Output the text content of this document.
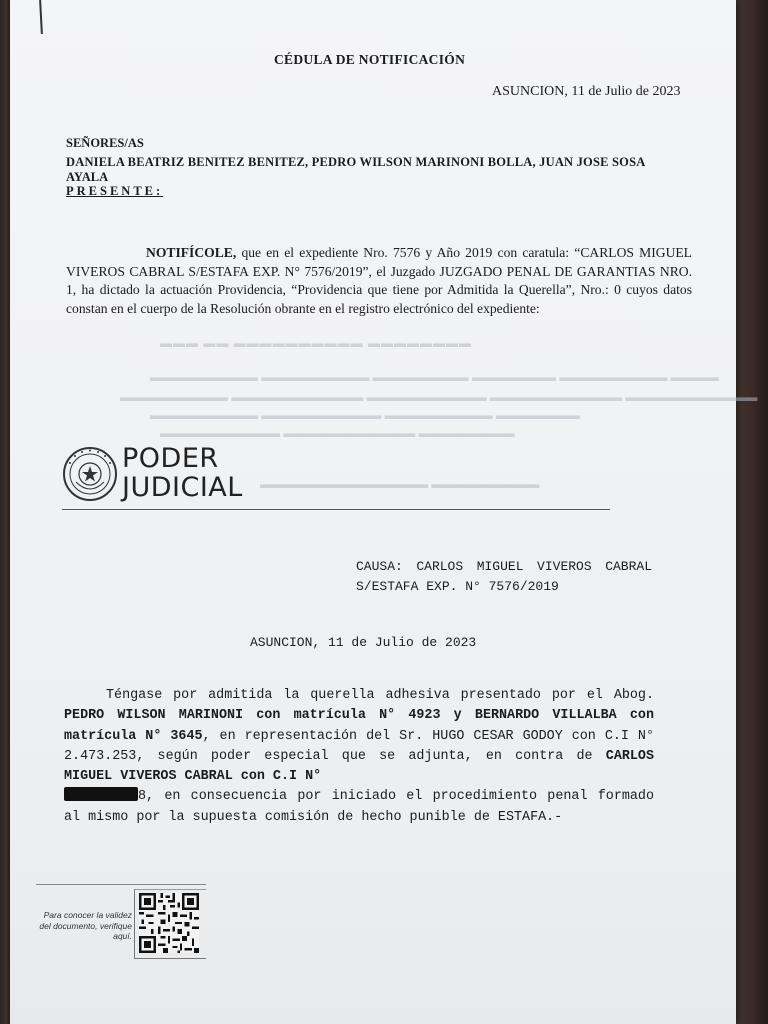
CÉDULA DE NOTIFICACIÓN
ASUNCION, 11 de Julio de 2023
SEÑORES/AS
DANIELA BEATRIZ BENITEZ BENITEZ, PEDRO WILSON MARINONI BOLLA, JUAN JOSE SOSA
AYALA
PRESENTE:
NOTIFÍCOLE, que en el expediente Nro. 7576 y Año 2019 con caratula: “CARLOS MIGUEL VIVEROS CABRAL S/ESTAFA EXP. N° 7576/2019”, el Juzgado JUZGADO PENAL DE GARANTIAS NRO. 1, ha dictado la actuación Providencia, “Providencia que tiene por Admitida la Querella”, Nro.: 0 cuyos datos constan en el cuerpo de la Resolución obrante en el registro electrónico del expediente:
▬▬▬ ▬▬ ▬▬▬▬▬▬▬▬▬▬ ▬▬▬▬▬▬▬▬
▬▬▬▬▬▬▬▬▬ ▬▬▬▬▬▬▬▬▬ ▬▬▬▬▬▬▬▬ ▬▬▬▬▬▬▬ ▬▬▬▬▬▬▬▬▬ ▬▬▬▬
▬▬▬▬▬▬▬▬▬ ▬▬▬▬▬▬▬▬▬▬▬ ▬▬▬▬▬▬▬▬▬▬ ▬▬▬▬▬▬▬▬▬▬▬ ▬▬▬▬▬▬▬▬▬▬▬
▬▬▬▬▬▬▬▬▬ ▬▬▬▬▬▬▬▬▬▬ ▬▬▬▬▬▬▬▬▬ ▬▬▬▬▬▬▬
▬▬▬▬▬▬▬▬▬▬ ▬▬▬▬▬▬▬▬▬▬▬ ▬▬▬▬▬▬▬▬
▬▬▬▬▬▬▬▬▬▬▬▬▬▬ ▬▬▬▬▬▬▬▬▬
PODER
JUDICIAL
CAUSA: CARLOS MIGUEL VIVEROS CABRAL S/ESTAFA EXP. N° 7576/2019
ASUNCION, 11 de Julio de 2023
Téngase por admitida la querella adhesiva presentado por el Abog. PEDRO WILSON MARINONI con matrícula N° 4923 y BERNARDO VILLALBA con matrícula N° 3645, en representación del Sr. HUGO CESAR GODOY con C.I N° 2.473.253, según poder especial que se adjunta, en contra de CARLOS MIGUEL VIVEROS CABRAL con C.I N°
8, en consecuencia por iniciado el procedimiento penal formado al mismo por la supuesta comisión de hecho punible de ESTAFA.-
Para conocer la validez del documento, verifique aquí.
